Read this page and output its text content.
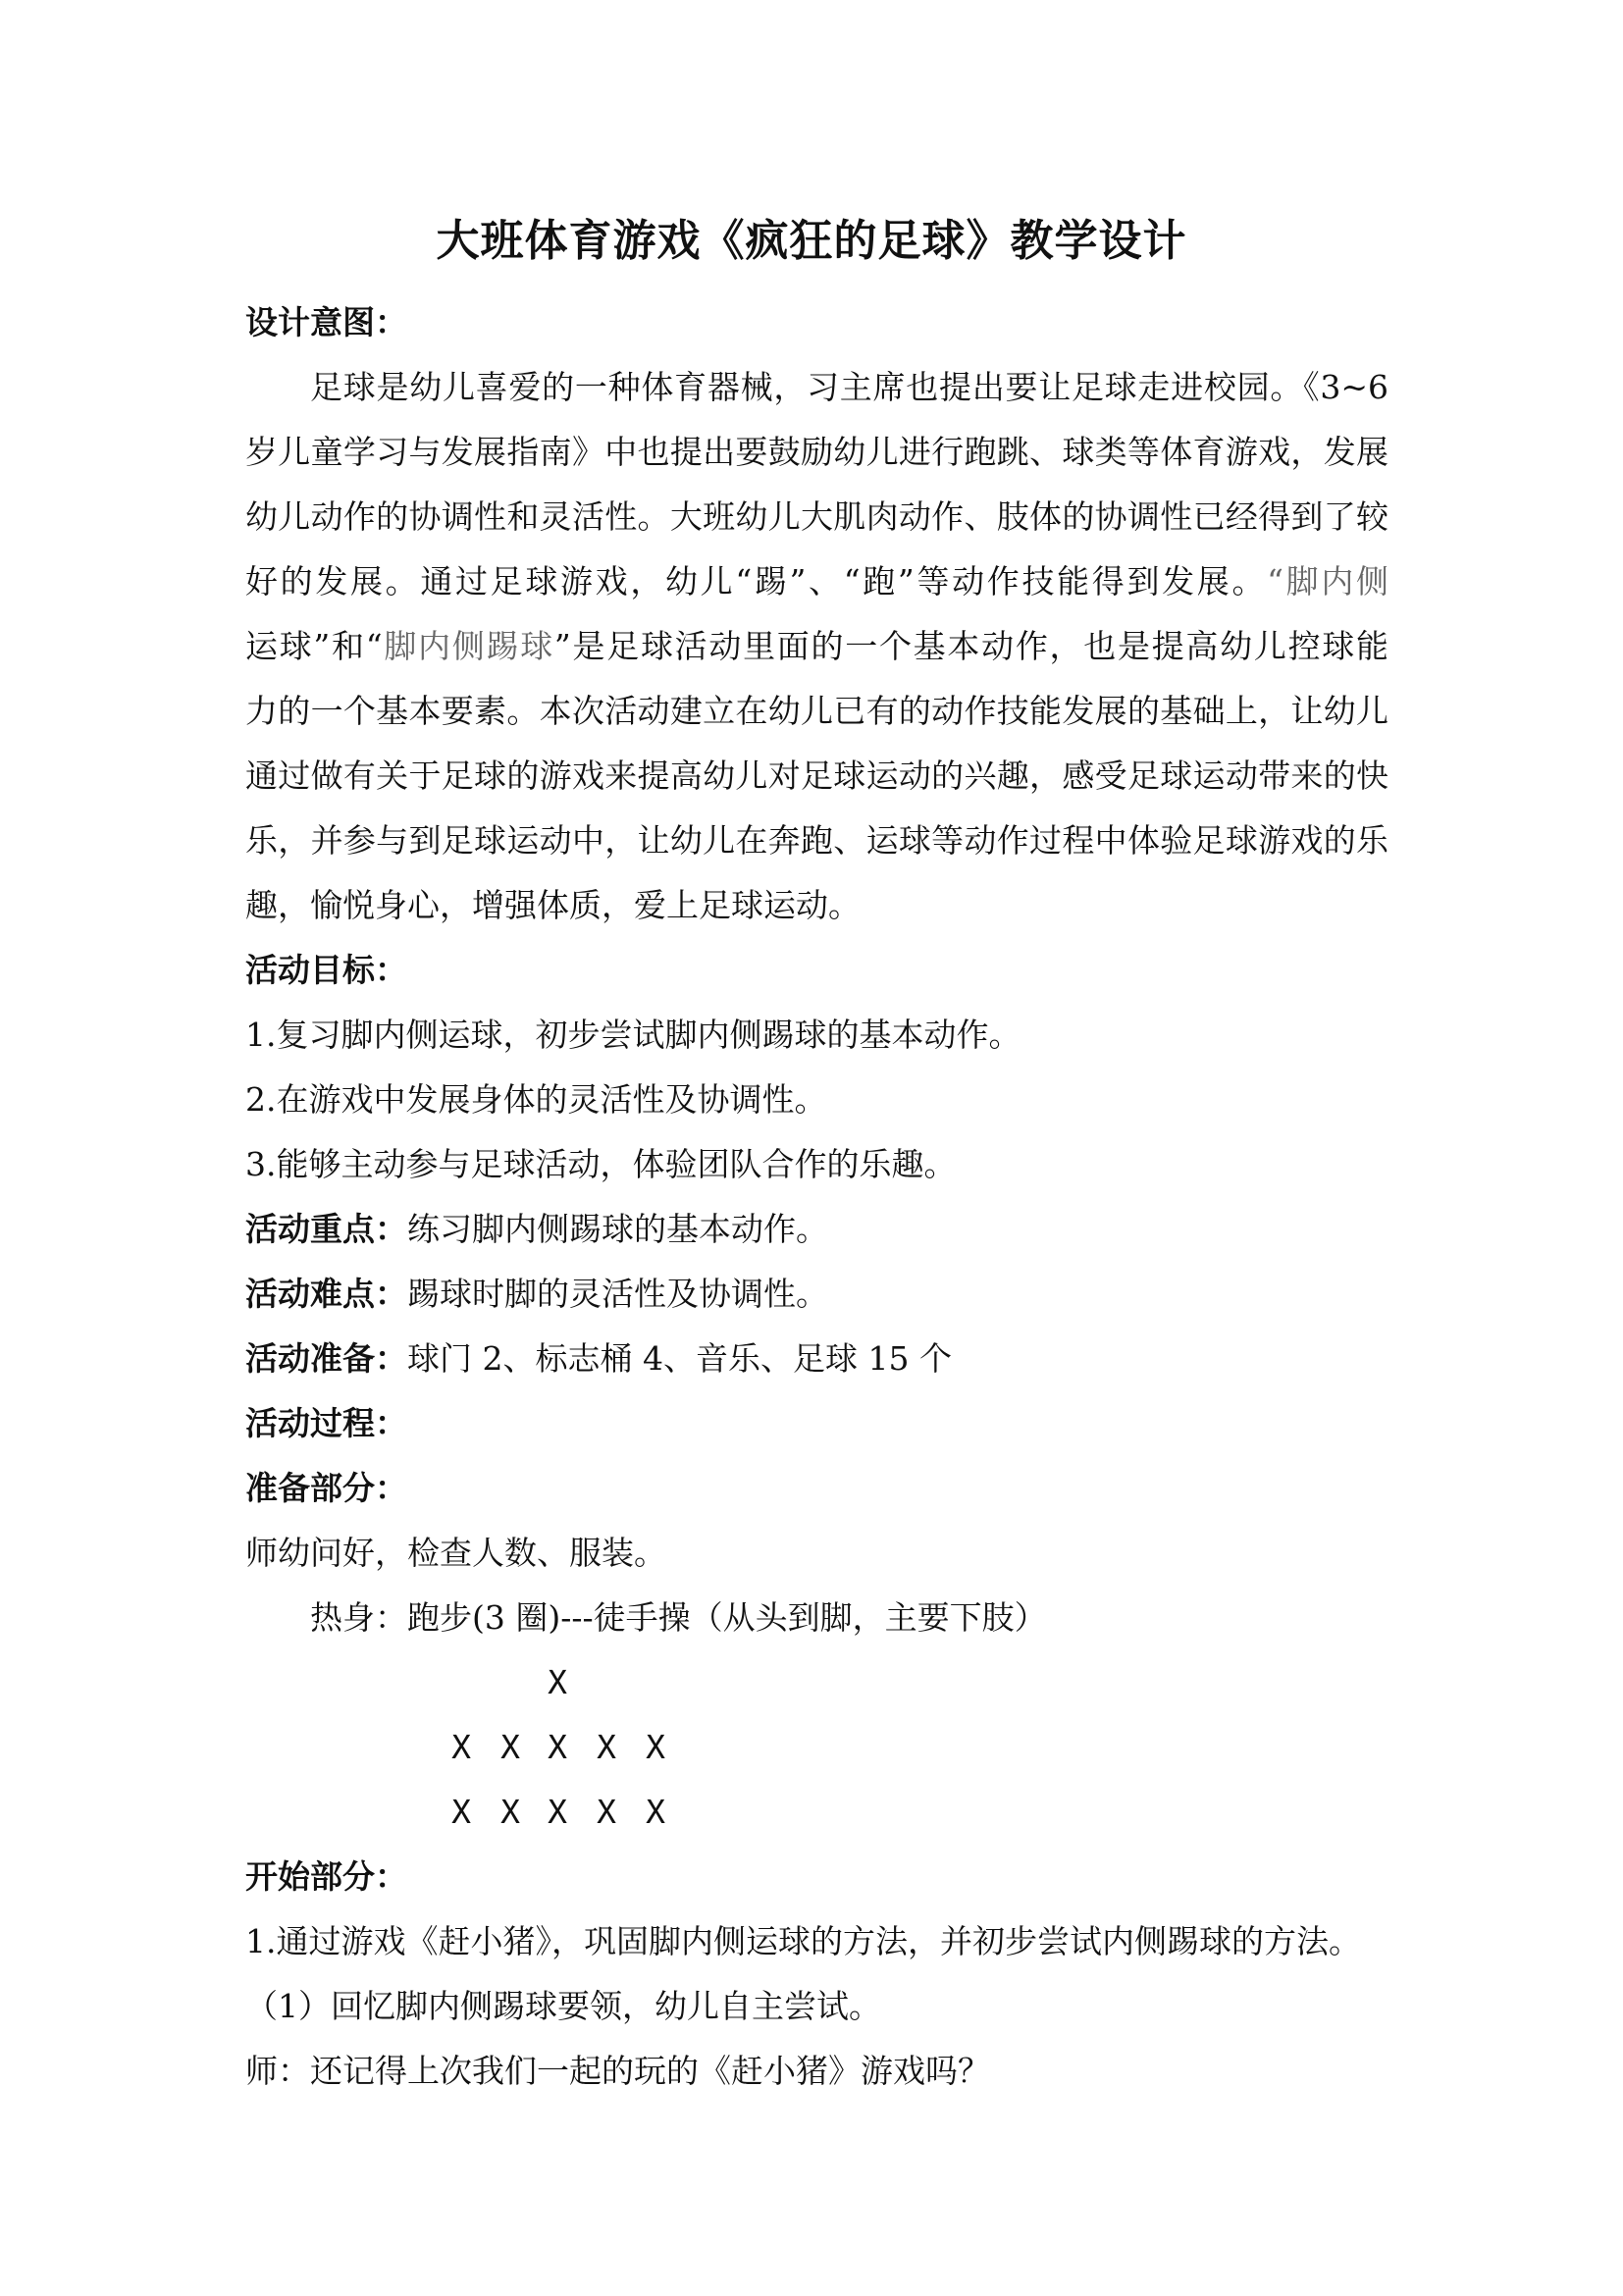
大班体育游戏《疯狂的足球》教学设计
设计意图：
足球是幼儿喜爱的一种体育器械，习主席也提出要让足球走进校园。《3~6
岁儿童学习与发展指南》中也提出要鼓励幼儿进行跑跳、球类等体育游戏，发展
幼儿动作的协调性和灵活性。大班幼儿大肌肉动作、肢体的协调性已经得到了较
好的发展。通过足球游戏，幼儿“踢”、“跑”等动作技能得到发展。“脚内侧
运球”和“脚内侧踢球”是足球活动里面的一个基本动作，也是提高幼儿控球能
力的一个基本要素。本次活动建立在幼儿已有的动作技能发展的基础上，让幼儿
通过做有关于足球的游戏来提高幼儿对足球运动的兴趣，感受足球运动带来的快
乐，并参与到足球运动中，让幼儿在奔跑、运球等动作过程中体验足球游戏的乐
趣，愉悦身心，增强体质，爱上足球运动。
活动目标：
1.复习脚内侧运球，初步尝试脚内侧踢球的基本动作。
2.在游戏中发展身体的灵活性及协调性。
3.能够主动参与足球活动，体验团队合作的乐趣。
活动重点：练习脚内侧踢球的基本动作。
活动难点：踢球时脚的灵活性及协调性。
活动准备：球门 2、标志桶 4、音乐、足球 15 个
活动过程：
准备部分：
师幼问好，检查人数、服装。
热身：跑步(3 圈)---徒手操（从头到脚，主要下肢）
X
X X X X X
X X X X X
开始部分：
1.通过游戏《赶小猪》，巩固脚内侧运球的方法，并初步尝试内侧踢球的方法。
（1）回忆脚内侧踢球要领，幼儿自主尝试。
师：还记得上次我们一起的玩的《赶小猪》游戏吗？
